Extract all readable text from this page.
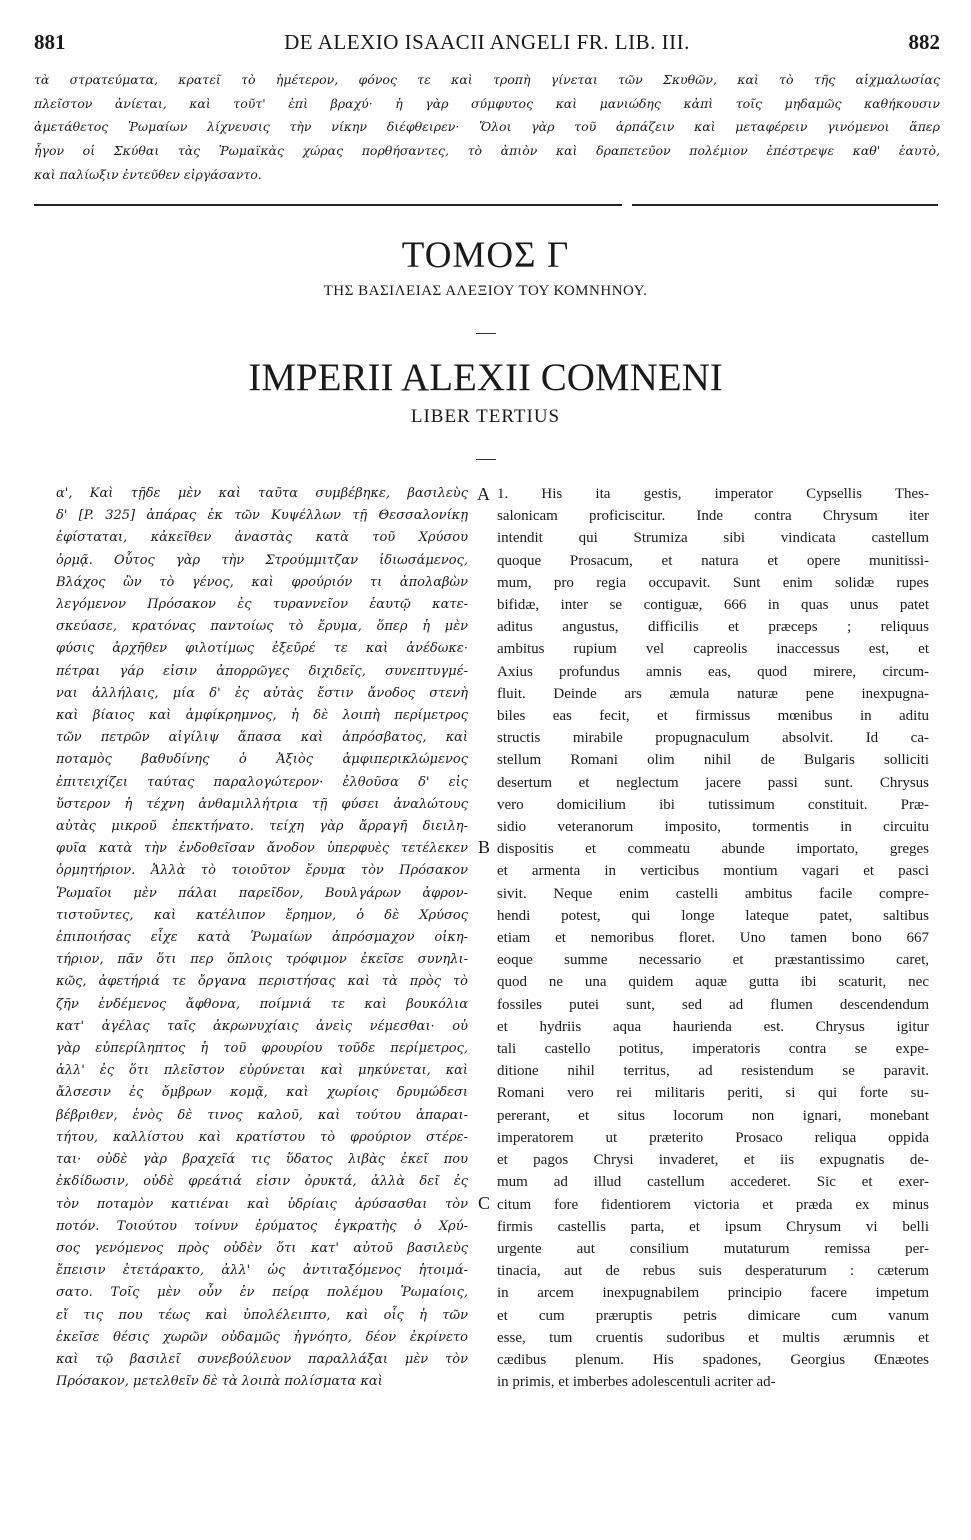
881	DE ALEXIO ISAACII ANGELI FR. LIB. III.	882
τὰ στρατεύματα, κρατεῖ τὸ ἡμέτερον, φόνος τε καὶ τροπὴ γίνεται τῶν Σκυθῶν, καὶ τὸ τῆς αἰχμαλωσίας
πλεῖστον ἀνίεται, καὶ τοῦτ' ἐπὶ βραχύ· ἡ γὰρ σύμφυτος καὶ μανιώδης κἀπὶ τοῖς μηδαμῶς καθήκουσιν
ἀμετάθετος Ῥωμαίων λίχνευσις τὴν νίκην διέφθειρεν· Ὅλοι γὰρ τοῦ ἁρπάζειν καὶ μεταφέρειν γινόμενοι ἅπερ
ἦγον οἱ Σκύθαι τὰς Ῥωμαϊκὰς χώρας πορθήσαντες, τὸ ἀπιὸν καὶ δραπετεῦον πολέμιον ἐπέστρεψε καθ' ἑαυτὸ,
καὶ παλίωξιν ἐντεῦθεν εἰργάσαντο.
ΤΟΜΟΣ Γ
ΤΗΣ ΒΑΣΙΛΕΙΑΣ ΑΛΕΞΙΟΥ ΤΟΥ ΚΟΜΝΗΝΟΥ.
IMPERII ALEXII COMNENI
LIBER TERTIUS
α', Καὶ τῇδε μὲν καὶ ταῦτα συμβέβηκε, βασιλεὺς
δ' [P. 325] ἀπάρας ἐκ τῶν Κυψέλλων τῇ Θεσσαλονίκῃ
ἐφίσταται, κἀκεῖθεν ἀναστὰς κατὰ τοῦ Χρύσου
ὁρμᾷ. Οὗτος γὰρ τὴν Στρούμμιτζαν ἰδιωσάμενος,
Βλάχος ὢν τὸ γένος, καὶ φρούριόν τι ἀπολαβὼν
λεγόμενον Πρόσακον ἐς τυραννεῖον ἑαυτῷ κατε-
σκεύασε, κρατόνας παντοίως τὸ ἔρυμα, ὅπερ ἡ μὲν
φύσις ἀρχῆθεν φιλοτίμως ἐξεῦρέ τε καὶ ἀνέδωκε·
πέτραι γάρ εἰσιν ἀπορρῶγες διχιδεῖς, συνεπτυγμέ-
ναι ἀλλήλαις, μία δ' ἐς αὐτὰς ἔστιν ἄνοδος στενὴ
καὶ βίαιος καὶ ἀμφίκρημνος, ἡ δὲ λοιπὴ περίμετρος
τῶν πετρῶν αἰγίλιψ ἅπασα καὶ ἀπρόσβατος, καὶ
ποταμὸς βαθυδίνης ὁ Ἀξιὸς ἀμφιπερικλώμενος
ἐπιτειχίζει ταύτας παραλογώτερον· ἐλθοῦσα δ' εἰς
ὕστερον ἡ τέχνη ἀνθαμιλλήτρια τῇ φύσει ἀναλώτους
αὐτὰς μικροῦ ἐπεκτήνατο. τείχη γὰρ ἄρραγῆ διειλη-
φυῖα κατὰ τὴν ἐνδοθεῖσαν ἄνοδον ὑπερφυὲς τετέλεκεν
ὁρμητήριον. Ἀλλὰ τὸ τοιοῦτον ἔρυμα τὸν Πρόσακον
Ῥωμαῖοι μὲν πάλαι παρεῖδον, Βουλγάρων ἀφρον-
τιστοῦντες, καὶ κατέλιπον ἔρημον, ὁ δὲ Χρύσος
ἐπιποιήσας εἶχε κατὰ Ῥωμαίων ἀπρόσμαχον οἰκη-
τήριον, πᾶν ὅτι περ ὅπλοις τρόφιμον ἐκεῖσε συνηλι-
κῶς, ἀφετήριά τε ὄργανα περιστήσας καὶ τὰ πρὸς τὸ
ζῆν ἐνδέμενος ἄφθονα, ποίμνιά τε καὶ βουκόλια
κατ' ἀγέλας ταῖς ἀκρωνυχίαις ἀνεὶς νέμεσθαι· οὐ
γὰρ εὐπερίληπτος ἡ τοῦ φρουρίου τοῦδε περίμετρος,
ἀλλ' ἐς ὅτι πλεῖστον εὐρύνεται καὶ μηκύνεται, καὶ
ἄλσεσιν ἐς ὄμβρων κομᾷ, καὶ χωρίοις δρυμώδεσι
βέβριθεν, ἑνὸς δὲ τινος καλοῦ, καὶ τούτου ἀπαραι-
τήτου, καλλίστου καὶ κρατίστου τὸ φρούριον στέρε-
ται· οὐδὲ γὰρ βραχεῖά τις ὕδατος λιβὰς ἐκεῖ που
ἐκδίδωσιν, οὐδὲ φρεάτιά εἰσιν ὀρυκτά, ἀλλὰ δεῖ ἐς
τὸν ποταμὸν κατιέναι καὶ ὑδρίαις ἀρύσασθαι τὸν
ποτόν. Τοιούτου τοίνυν ἐρύματος ἐγκρατὴς ὁ Χρύ-
σος γενόμενος πρὸς οὐδὲν ὅτι κατ' αὐτοῦ βασιλεὺς
ἔπεισιν ἐτετάρακτο, ἀλλ' ὡς ἀντιταξόμενος ἡτοιμά-
σατο. Τοῖς μὲν οὖν ἐν πείρᾳ πολέμου Ῥωμαίοις,
εἴ τις που τέως καὶ ὑπολέλειπτο, καὶ οἷς ἡ τῶν
ἐκεῖσε θέσις χωρῶν οὐδαμῶς ἠγνόητο, δέον ἐκρίνετο
καὶ τῷ βασιλεῖ συνεβούλευον παραλλάξαι μὲν τὸν
Πρόσακον, μετελθεῖν δὲ τὰ λοιπὰ πολίσματα καὶ
1. His ita gestis, imperator Cypsellis Thes-
salonicam proficiscitur. Inde contra Chrysum iter
intendit qui Strumiza sibi vindicata castellum
quoque Prosacum, et natura et opere munitissi-
mum, pro regia occupavit. Sunt enim solidæ rupes
bifidæ, inter se contiguæ, 666 in quas unus patet
aditus angustus, difficilis et præceps ; reliquus
ambitus rupium vel capreolis inaccessus est, et
Axius profundus amnis eas, quod mirere, circum-
fluit. Deinde ars æmula naturæ pene inexpugna-
biles eas fecit, et firmissus mœnibus in aditu
structis mirabile propugnaculum absolvit. Id ca-
stellum Romani olim nihil de Bulgaris solliciti
desertum et neglectum jacere passi sunt. Chrysus
vero domicilium ibi tutissimum constituit. Præ-
sidio veteranorum imposito, tormentis in circuitu
dispositis et commeatu abunde importato, greges
et armenta in verticibus montium vagari et pasci
sivit. Neque enim castelli ambitus facile compre-
hendi potest, qui longe lateque patet, saltibus
etiam et nemoribus floret. Uno tamen bono 667
eoque summe necessario et præstantissimo caret,
quod ne una quidem aquæ gutta ibi scaturit, nec
fossiles putei sunt, sed ad flumen descendendum
et hydriis aqua haurienda est. Chrysus igitur
tali castello potitus, imperatoris contra se expe-
ditione nihil territus, ad resistendum se paravit.
Romani vero rei militaris periti, si qui forte su-
pererant, et situs locorum non ignari, monebant
imperatorem ut præterito Prosaco reliqua oppida
et pagos Chrysi invaderet, et iis expugnatis de-
mum ad illud castellum accederet. Sic et exer-
citum fore fidentiorem victoria et præda ex minus
firmis castellis parta, et ipsum Chrysum vi belli
urgente aut consilium mutaturum remissa per-
tinacia, aut de rebus suis desperaturum : cæterum
in arcem inexpugnabilem principio facere impetum
et cum præruptis petris dimicare cum vanum
esse, tum cruentis sudoribus et multis ærumnis et
cædibus plenum. His spadones, Georgius Œnæotes
in primis, et imberbes adolescentuli acriter ad-
A
B
C
